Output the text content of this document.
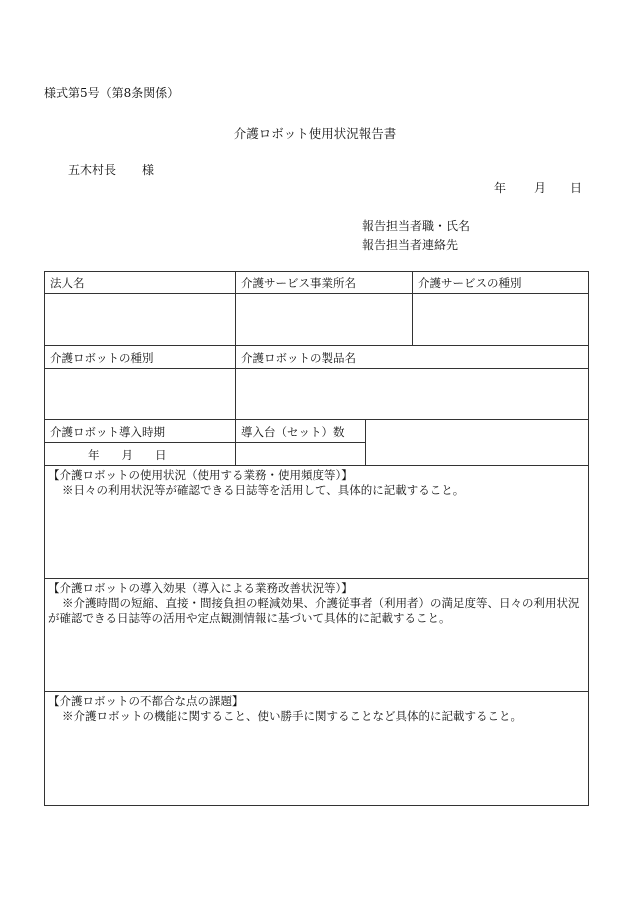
様式第5号（第8条関係）
介護ロボット使用状況報告書
五木村長 様
年 月 日
報告担当者職・氏名
報告担当者連絡先
法人名	介護サービス事業所名	介護サービスの種別
介護ロボットの種別	介護ロボットの製品名
介護ロボット導入時期	導入台（セット）数
年 月 日
【介護ロボットの使用状況（使用する業務・使用頻度等）】
※日々の利用状況等が確認できる日誌等を活用して、具体的に記載すること。
【介護ロボットの導入効果（導入による業務改善状況等）】
※介護時間の短縮、直接・間接負担の軽減効果、介護従事者（利用者）の満足度等、日々の利用状況
が確認できる日誌等の活用や定点観測情報に基づいて具体的に記載すること。
【介護ロボットの不都合な点の課題】
※介護ロボットの機能に関すること、使い勝手に関することなど具体的に記載すること。
